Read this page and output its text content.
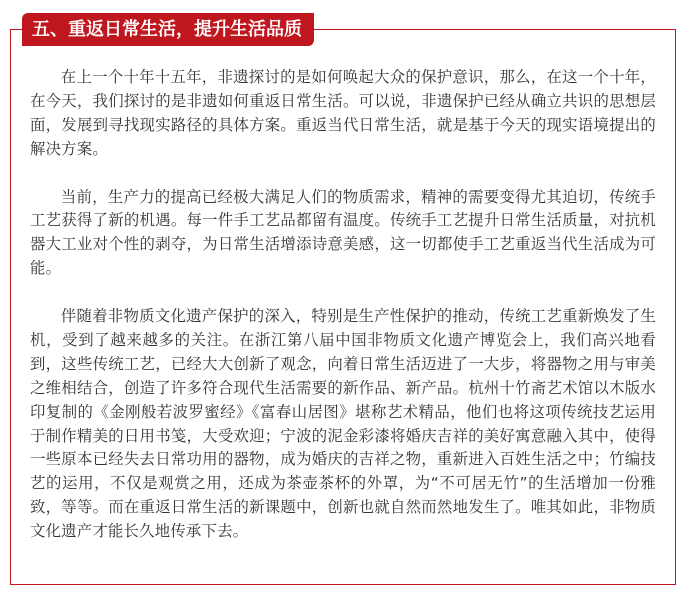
五、重返日常生活，提升生活品质

在上一个十年十五年，非遗探讨的是如何唤起大众的保护意识，那么，在这一个十年，在今天，我们探讨的是非遗如何重返日常生活。可以说，非遗保护已经从确立共识的思想层面，发展到寻找现实路径的具体方案。重返当代日常生活，就是基于今天的现实语境提出的解决方案。

当前，生产力的提高已经极大满足人们的物质需求，精神的需要变得尤其迫切，传统手工艺获得了新的机遇。每一件手工艺品都留有温度。传统手工艺提升日常生活质量，对抗机器大工业对个性的剥夺，为日常生活增添诗意美感，这一切都使手工艺重返当代生活成为可能。

伴随着非物质文化遗产保护的深入，特别是生产性保护的推动，传统工艺重新焕发了生机，受到了越来越多的关注。在浙江第八届中国非物质文化遗产博览会上，我们高兴地看到，这些传统工艺，已经大大创新了观念，向着日常生活迈进了一大步，将器物之用与审美之维相结合，创造了许多符合现代生活需要的新作品、新产品。杭州十竹斋艺术馆以木版水印复制的《金刚般若波罗蜜经》《富春山居图》堪称艺术精品，他们也将这项传统技艺运用于制作精美的日用书笺，大受欢迎；宁波的泥金彩漆将婚庆吉祥的美好寓意融入其中，使得一些原本已经失去日常功用的器物，成为婚庆的吉祥之物，重新进入百姓生活之中；竹编技艺的运用，不仅是观赏之用，还成为茶壶茶杯的外罩，为“不可居无竹”的生活增加一份雅致，等等。而在重返日常生活的新课题中，创新也就自然而然地发生了。唯其如此，非物质文化遗产才能长久地传承下去。
